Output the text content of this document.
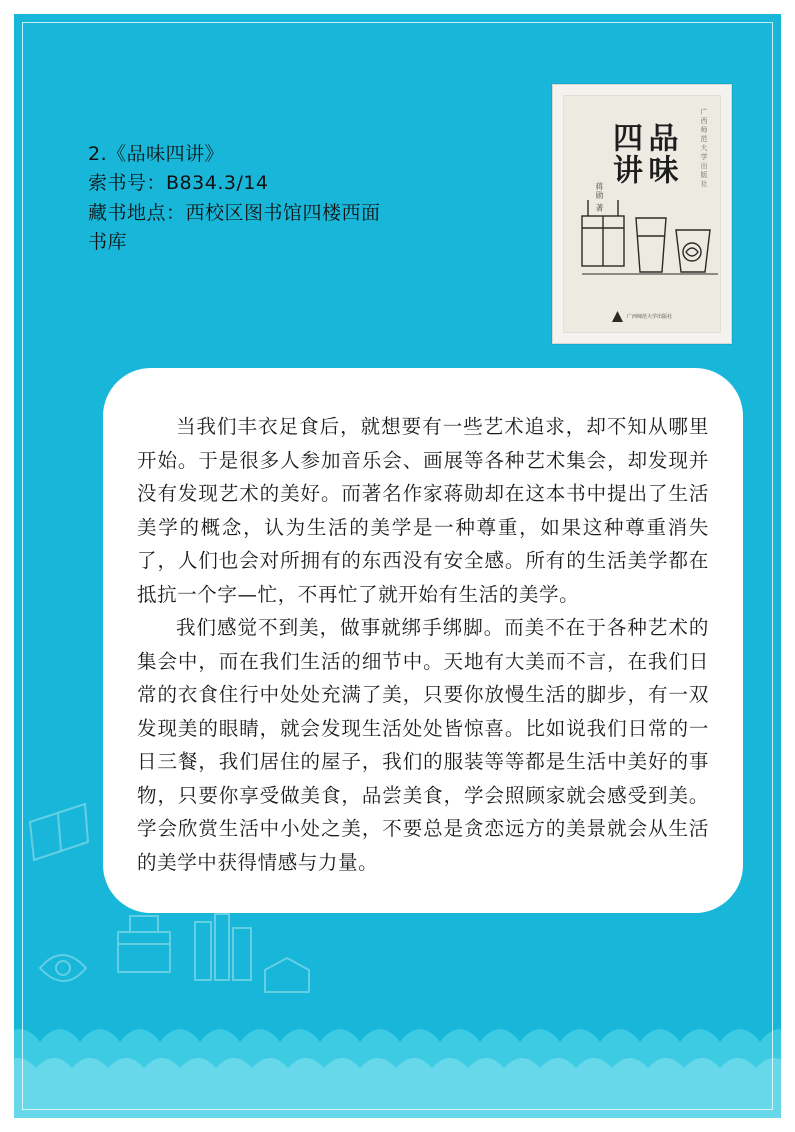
2.《品味四讲》
索书号：B834.3/14
藏书地点：西校区图书馆四楼西面
书库
广西师范大学出版社
品味
四讲
蒋勋 著
广西师范大学出版社

当我们丰衣足食后，就想要有一些艺术追求，却不知从哪里开始。于是很多人参加音乐会、画展等各种艺术集会，却发现并没有发现艺术的美好。而著名作家蒋勋却在这本书中提出了生活美学的概念，认为生活的美学是一种尊重，如果这种尊重消失了，人们也会对所拥有的东西没有安全感。所有的生活美学都在抵抗一个字—忙，不再忙了就开始有生活的美学。

我们感觉不到美，做事就绑手绑脚。而美不在于各种艺术的集会中，而在我们生活的细节中。天地有大美而不言，在我们日常的衣食住行中处处充满了美，只要你放慢生活的脚步，有一双发现美的眼睛，就会发现生活处处皆惊喜。比如说我们日常的一日三餐，我们居住的屋子，我们的服装等等都是生活中美好的事物，只要你享受做美食，品尝美食，学会照顾家就会感受到美。学会欣赏生活中小处之美，不要总是贪恋远方的美景就会从生活的美学中获得情感与力量。
